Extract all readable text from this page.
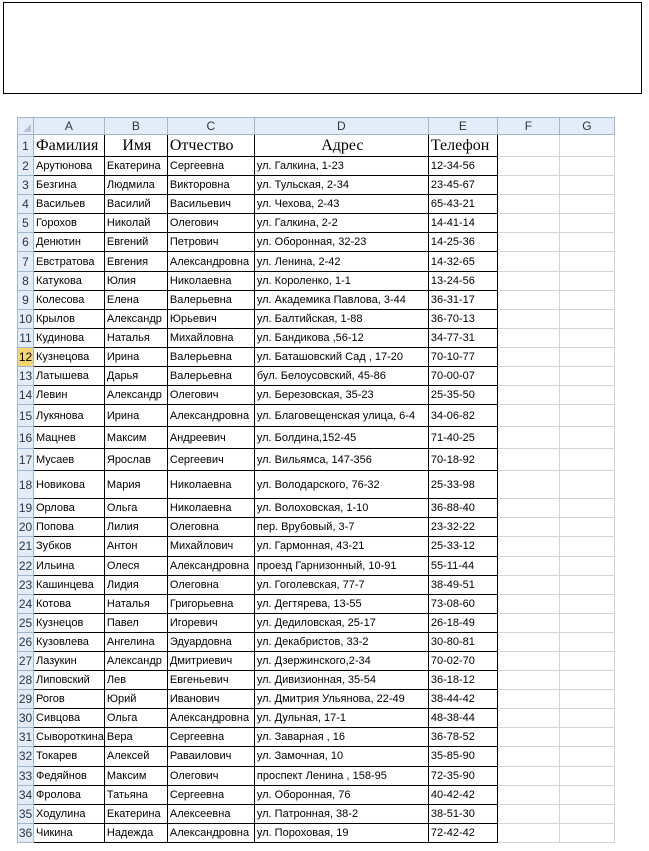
	A	B	C	D	E	F	G
1	Фамилия	Имя	Отчество	Адрес	Телефон		
2	Арутюнова	Екатерина	Сергеевна	ул. Галкина, 1-23	12-34-56		
3	Безгина	Людмила	Викторовна	ул. Тульская, 2-34	23-45-67		
4	Васильев	Василий	Васильевич	ул. Чехова, 2-43	65-43-21		
5	Горохов	Николай	Олегович	ул. Галкина, 2-2	14-41-14		
6	Денютин	Евгений	Петрович	ул. Оборонная, 32-23	14-25-36		
7	Евстратова	Евгения	Александровна	ул. Ленина, 2-42	14-32-65		
8	Катукова	Юлия	Николаевна	ул. Короленко, 1-1	13-24-56		
9	Колесова	Елена	Валерьевна	ул. Академика Павлова, 3-44	36-31-17		
10	Крылов	Александр	Юрьевич	ул. Балтийская, 1-88	36-70-13		
11	Кудинова	Наталья	Михайловна	ул. Бандикова ,56-12	34-77-31		
12	Кузнецова	Ирина	Валерьевна	ул. Баташовский Сад , 17-20	70-10-77		
13	Латышева	Дарья	Валерьевна	бул. Белоусовский, 45-86	70-00-07		
14	Левин	Александр	Олегович	ул. Березовская, 35-23	25-35-50		
15	Лукянова	Ирина	Александровна	ул. Благовещенская улица, 6-4	34-06-82		
16	Мацнев	Максим	Андреевич	ул. Болдина,152-45	71-40-25		
17	Мусаев	Ярослав	Сергеевич	ул. Вильямса, 147-356	70-18-92		
18	Новикова	Мария	Николаевна	ул. Володарского, 76-32	25-33-98		
19	Орлова	Ольга	Николаевна	ул. Волоховская, 1-10	36-88-40		
20	Попова	Лилия	Олеговна	пер. Врубовый, 3-7	23-32-22		
21	Зубков	Антон	Михайлович	ул. Гармонная, 43-21	25-33-12		
22	Ильина	Олеся	Александровна	проезд Гарнизонный, 10-91	55-11-44		
23	Кашинцева	Лидия	Олеговна	ул. Гоголевская, 77-7	38-49-51		
24	Котова	Наталья	Григорьевна	ул. Дегтярева, 13-55	73-08-60		
25	Кузнецов	Павел	Игоревич	ул. Дедиловская, 25-17	26-18-49		
26	Кузовлева	Ангелина	Эдуардовна	ул. Декабристов, 33-2	30-80-81		
27	Лазукин	Александр	Дмитриевич	ул. Дзержинского,2-34	70-02-70		
28	Липовский	Лев	Евгеньевич	ул. Дивизионная, 35-54	36-18-12		
29	Рогов	Юрий	Иванович	ул. Дмитрия Ульянова, 22-49	38-44-42		
30	Сивцова	Ольга	Александровна	ул. Дульная, 17-1	48-38-44		
31	Сывороткина	Вера	Сергеевна	ул. Заварная , 16	36-78-52		
32	Токарев	Алексей	Раваилович	ул. Замочная, 10	35-85-90		
33	Федяйнов	Максим	Олегович	проспект Ленина , 158-95	72-35-90		
34	Фролова	Татьяна	Сергеевна	ул. Оборонная, 76	40-42-42		
35	Ходулина	Екатерина	Алексеевна	ул. Патронная, 38-2	38-51-30		
36	Чикина	Надежда	Александровна	ул. Пороховая, 19	72-42-42		
